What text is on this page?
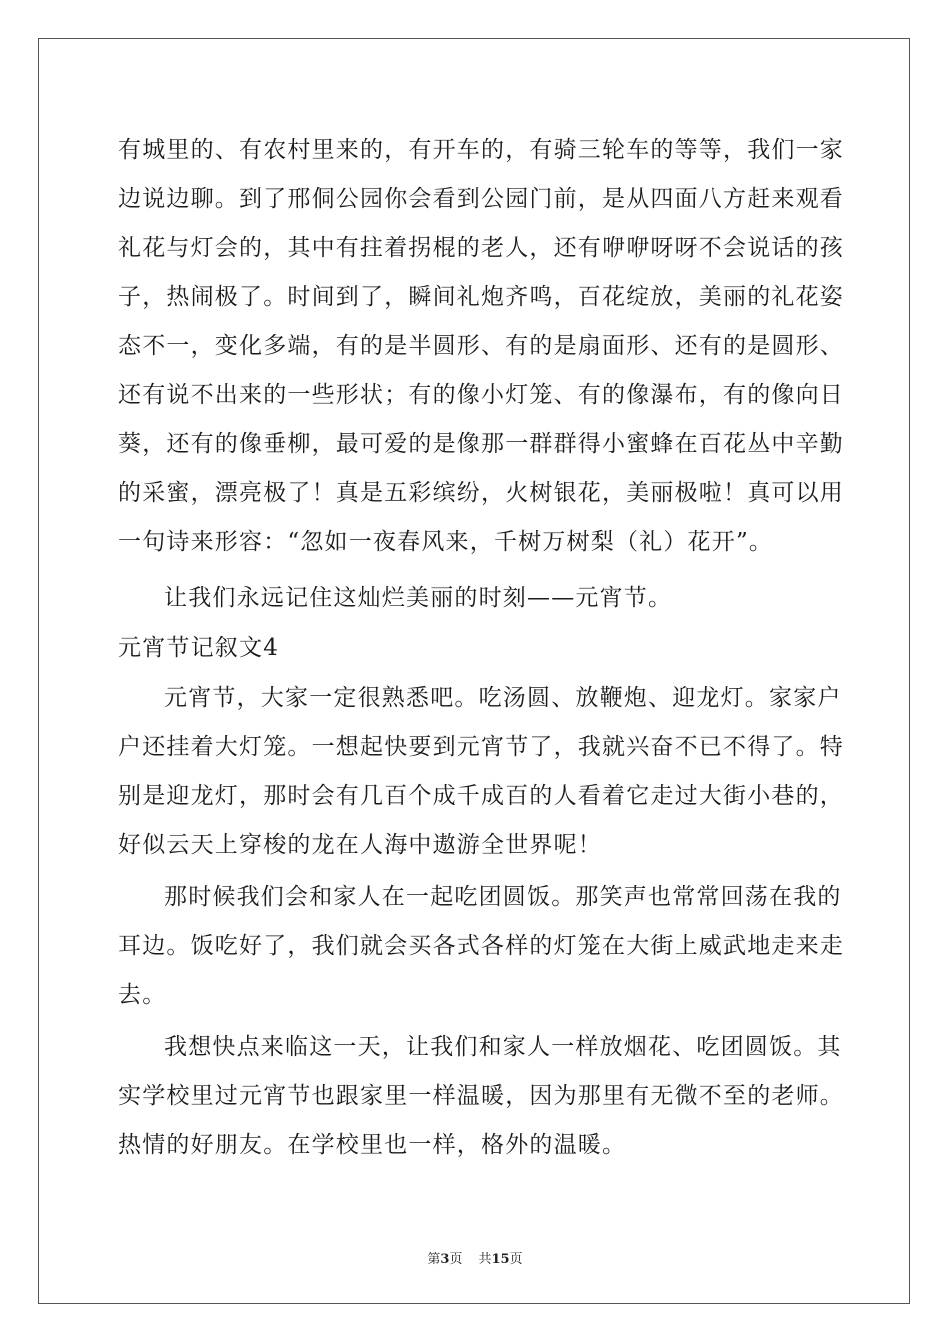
有城里的、有农村里来的，有开车的，有骑三轮车的等等，我们一家
边说边聊。到了邢侗公园你会看到公园门前，是从四面八方赶来观看
礼花与灯会的，其中有拄着拐棍的老人，还有咿咿呀呀不会说话的孩
子，热闹极了。时间到了，瞬间礼炮齐鸣，百花绽放，美丽的礼花姿
态不一，变化多端，有的是半圆形、有的是扇面形、还有的是圆形、
还有说不出来的一些形状；有的像小灯笼、有的像瀑布，有的像向日
葵，还有的像垂柳，最可爱的是像那一群群得小蜜蜂在百花丛中辛勤
的采蜜，漂亮极了！真是五彩缤纷，火树银花，美丽极啦！真可以用
一句诗来形容：“忽如一夜春风来，千树万树梨（礼）花开”。
让我们永远记住这灿烂美丽的时刻——元宵节。
元宵节记叙文4
元宵节，大家一定很熟悉吧。吃汤圆、放鞭炮、迎龙灯。家家户
户还挂着大灯笼。一想起快要到元宵节了，我就兴奋不已不得了。特
别是迎龙灯，那时会有几百个成千成百的人看着它走过大街小巷的，
好似云天上穿梭的龙在人海中遨游全世界呢！
那时候我们会和家人在一起吃团圆饭。那笑声也常常回荡在我的
耳边。饭吃好了，我们就会买各式各样的灯笼在大街上威武地走来走
去。
我想快点来临这一天，让我们和家人一样放烟花、吃团圆饭。其
实学校里过元宵节也跟家里一样温暖，因为那里有无微不至的老师。
热情的好朋友。在学校里也一样，格外的温暖。
第3页 共15页
